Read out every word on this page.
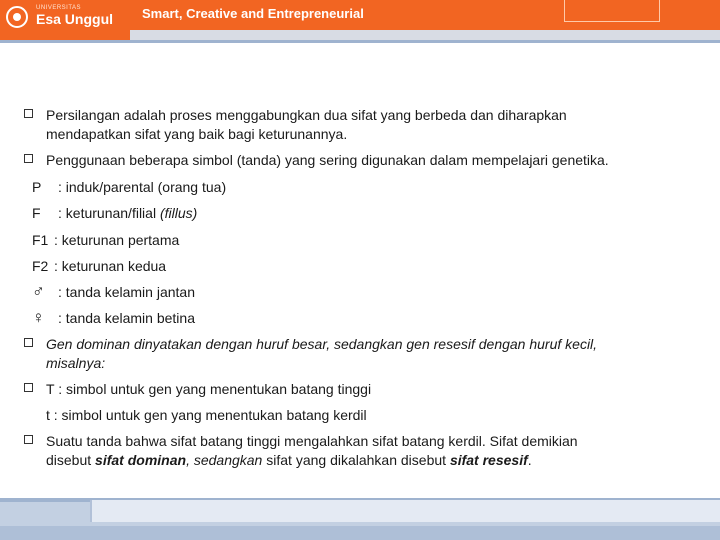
UNIVERSITAS
Esa Unggul Smart, Creative and Entrepreneurial
Persilangan adalah proses menggabungkan dua sifat yang berbeda dan diharapkan
mendapatkan sifat yang baik bagi keturunannya.
Penggunaan beberapa simbol (tanda) yang sering digunakan dalam mempelajari genetika.
P : induk/parental (orang tua)
F : keturunan/filial (fillus)
F1 : keturunan pertama
F2 : keturunan kedua
♂ : tanda kelamin jantan
♀ : tanda kelamin betina
Gen dominan dinyatakan dengan huruf besar, sedangkan gen resesif dengan huruf kecil,
misalnya:
T : simbol untuk gen yang menentukan batang tinggi
t : simbol untuk gen yang menentukan batang kerdil
Suatu tanda bahwa sifat batang tinggi mengalahkan sifat batang kerdil. Sifat demikian
disebut sifat dominan, sedangkan sifat yang dikalahkan disebut sifat resesif.
